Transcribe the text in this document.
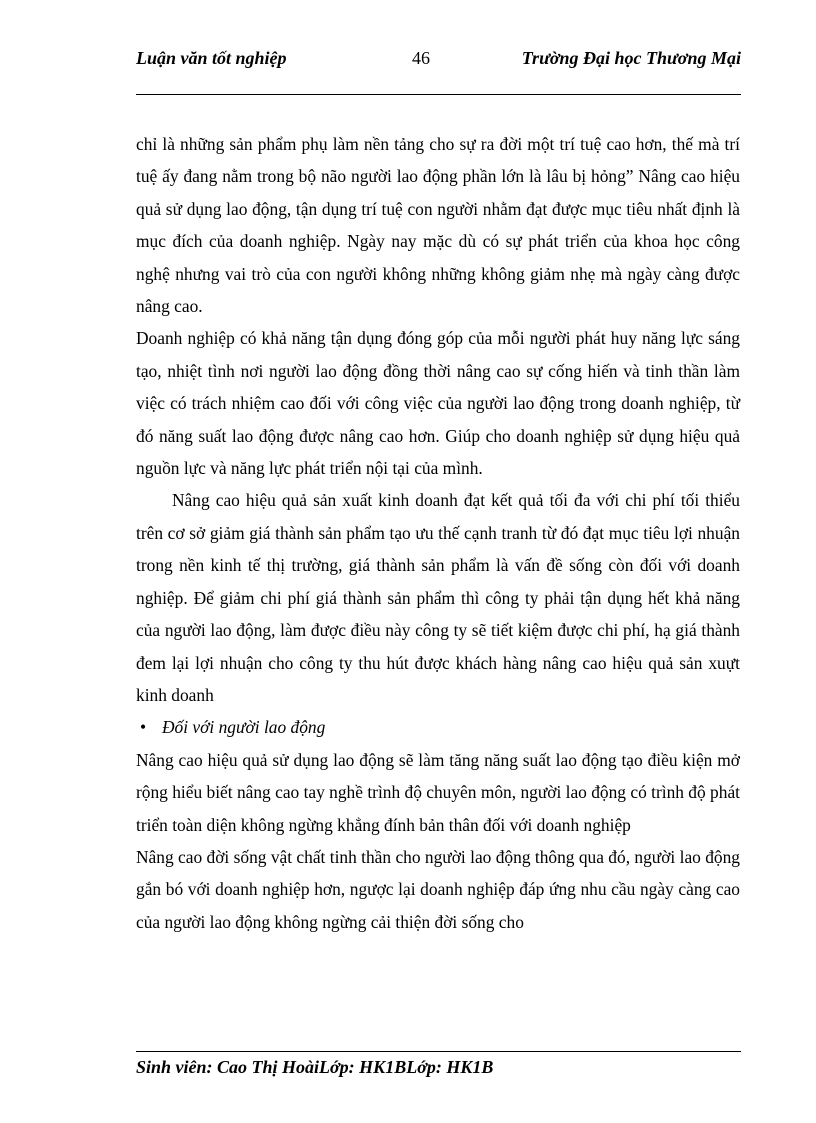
Luận văn tốt nghiệp	46	Trường Đại học Thương Mại

chỉ là những sản phẩm phụ làm nền tảng cho sự ra đời một trí tuệ cao hơn, thế mà trí tuệ ấy đang nằm trong bộ não người lao động phần lớn là lâu bị hỏng” Nâng cao hiệu quả sử dụng lao động, tận dụng trí tuệ con người nhằm đạt được mục tiêu nhất định là mục đích của doanh nghiệp. Ngày nay mặc dù có sự phát triển của khoa học công nghệ nhưng vai trò của con người không những không giảm nhẹ mà ngày càng được nâng cao.

Doanh nghiệp có khả năng tận dụng đóng góp của mỗi người phát huy năng lực sáng tạo, nhiệt tình nơi người lao động đồng thời nâng cao sự cống hiến và tinh thần làm việc có trách nhiệm cao đối với công việc của người lao động trong doanh nghiệp, từ đó năng suất lao động được nâng cao hơn. Giúp cho doanh nghiệp sử dụng hiệu quả nguồn lực và năng lực phát triển nội tại của mình.

Nâng cao hiệu quả sản xuất kinh doanh đạt kết quả tối đa với chi phí tối thiểu trên cơ sở giảm giá thành sản phẩm tạo ưu thế cạnh tranh từ đó đạt mục tiêu lợi nhuận trong nền kinh tế thị trường, giá thành sản phẩm là vấn đề sống còn đối với doanh nghiệp. Để giảm chi phí giá thành sản phẩm thì công ty phải tận dụng hết khả năng của người lao động, làm được điều này công ty sẽ tiết kiệm được chi phí, hạ giá thành đem lại lợi nhuận cho công ty thu hút được khách hàng nâng cao hiệu quả sản xuựt kinh doanh

• Đối với người lao động

Nâng cao hiệu quả sử dụng lao động sẽ làm tăng năng suất lao động tạo điều kiện mở rộng hiểu biết nâng cao tay nghề trình độ chuyên môn, người lao động có trình độ phát triển toàn diện không ngừng khẳng đính bản thân đối với doanh nghiệp

Nâng cao đời sống vật chất tinh thần cho người lao động thông qua đó, người lao động gắn bó với doanh nghiệp hơn, ngược lại doanh nghiệp đáp ứng nhu cầu ngày càng cao của người lao động không ngừng cải thiện đời sống cho

Sinh viên: Cao Thị HoàiLớp: HK1BLớp: HK1B
